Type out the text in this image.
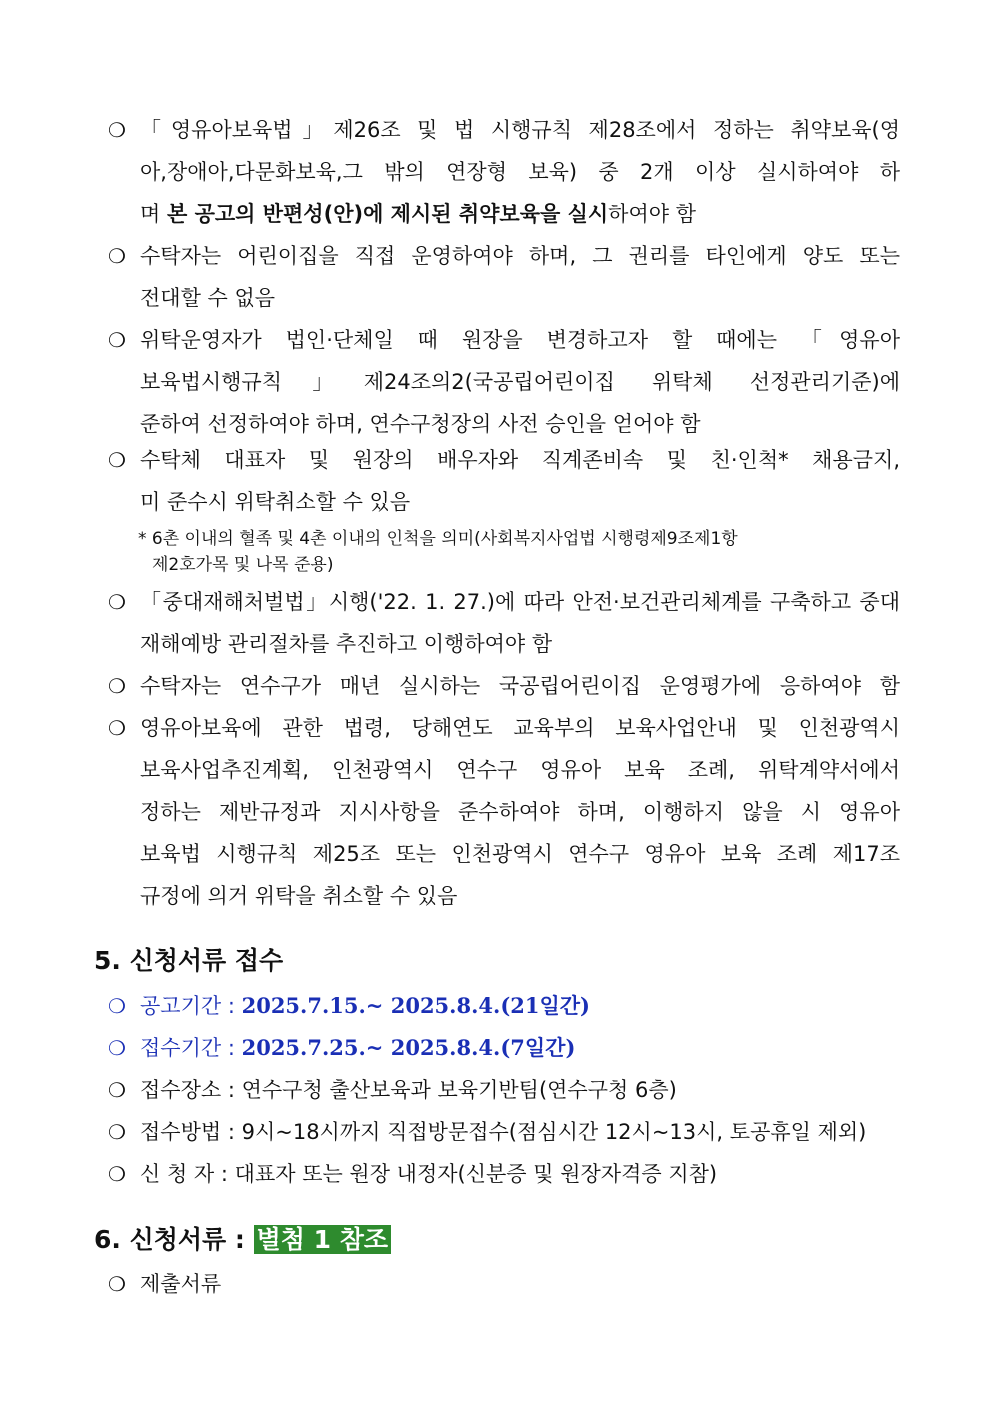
❍ 「영유아보육법」제26조 및 법 시행규칙 제28조에서 정하는 취약보육(영
아,장애아,다문화보육,그 밖의 연장형 보육) 중 2개 이상 실시하여야 하
며 본 공고의 반편성(안)에 제시된 취약보육을 실시하여야 함
❍ 수탁자는 어린이집을 직접 운영하여야 하며, 그 권리를 타인에게 양도 또는
전대할 수 없음
❍ 위탁운영자가 법인·단체일 때 원장을 변경하고자 할 때에는 「영유아
보육법시행규칙」제24조의2(국공립어린이집 위탁체 선정관리기준)에
준하여 선정하여야 하며, 연수구청장의 사전 승인을 얻어야 함
❍ 수탁체 대표자 및 원장의 배우자와 직계존비속 및 친·인척* 채용금지,
미 준수시 위탁취소할 수 있음
* 6촌 이내의 혈족 및 4촌 이내의 인척을 의미(사회복지사업법 시행령제9조제1항
제2호가목 및 나목 준용)
❍ 「중대재해처벌법」시행('22. 1. 27.)에 따라 안전·보건관리체계를 구축하고 중대
재해예방 관리절차를 추진하고 이행하여야 함
❍ 수탁자는 연수구가 매년 실시하는 국공립어린이집 운영평가에 응하여야 함
❍ 영유아보육에 관한 법령, 당해연도 교육부의 보육사업안내 및 인천광역시
보육사업추진계획, 인천광역시 연수구 영유아 보육 조례, 위탁계약서에서
정하는 제반규정과 지시사항을 준수하여야 하며, 이행하지 않을 시 영유아
보육법 시행규칙 제25조 또는 인천광역시 연수구 영유아 보육 조례 제17조
규정에 의거 위탁을 취소할 수 있음
5. 신청서류 접수
❍ 공고기간 : 2025.7.15.~ 2025.8.4.(21일간)
❍ 접수기간 : 2025.7.25.~ 2025.8.4.(7일간)
❍ 접수장소 : 연수구청 출산보육과 보육기반팀(연수구청 6층)
❍ 접수방법 : 9시~18시까지 직접방문접수(점심시간 12시~13시, 토공휴일 제외)
❍ 신 청 자 : 대표자 또는 원장 내정자(신분증 및 원장자격증 지참)
6. 신청서류 : 별첨 1 참조
❍ 제출서류
